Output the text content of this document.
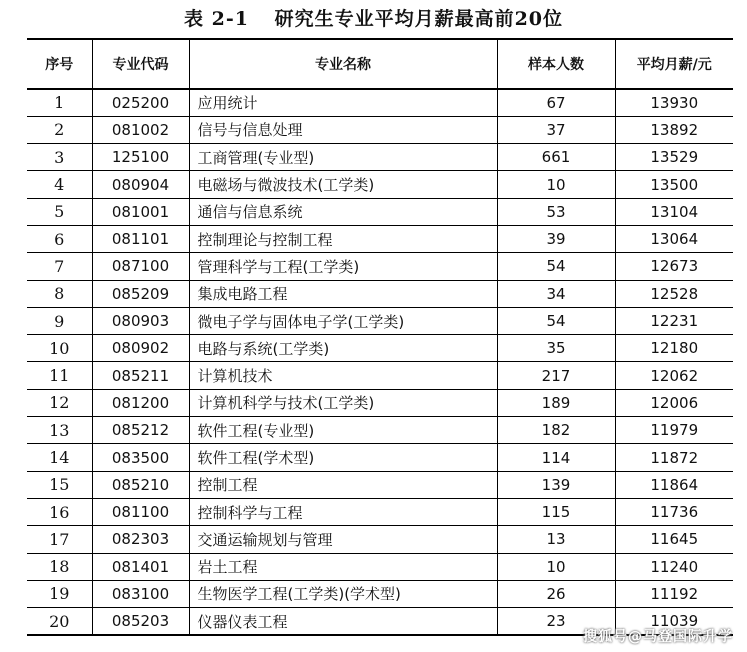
表 2-1 研究生专业平均月薪最高前20位
序号	专业代码	专业名称	样本人数	平均月薪/元
1	025200	应用统计	67	13930
2	081002	信号与信息处理	37	13892
3	125100	工商管理(专业型)	661	13529
4	080904	电磁场与微波技术(工学类)	10	13500
5	081001	通信与信息系统	53	13104
6	081101	控制理论与控制工程	39	13064
7	087100	管理科学与工程(工学类)	54	12673
8	085209	集成电路工程	34	12528
9	080903	微电子学与固体电子学(工学类)	54	12231
10	080902	电路与系统(工学类)	35	12180
11	085211	计算机技术	217	12062
12	081200	计算机科学与技术(工学类)	189	12006
13	085212	软件工程(专业型)	182	11979
14	083500	软件工程(学术型)	114	11872
15	085210	控制工程	139	11864
16	081100	控制科学与工程	115	11736
17	082303	交通运输规划与管理	13	11645
18	081401	岩土工程	10	11240
19	083100	生物医学工程(工学类)(学术型)	26	11192
20	085203	仪器仪表工程	23	11039
搜狐号@马登国际升学
